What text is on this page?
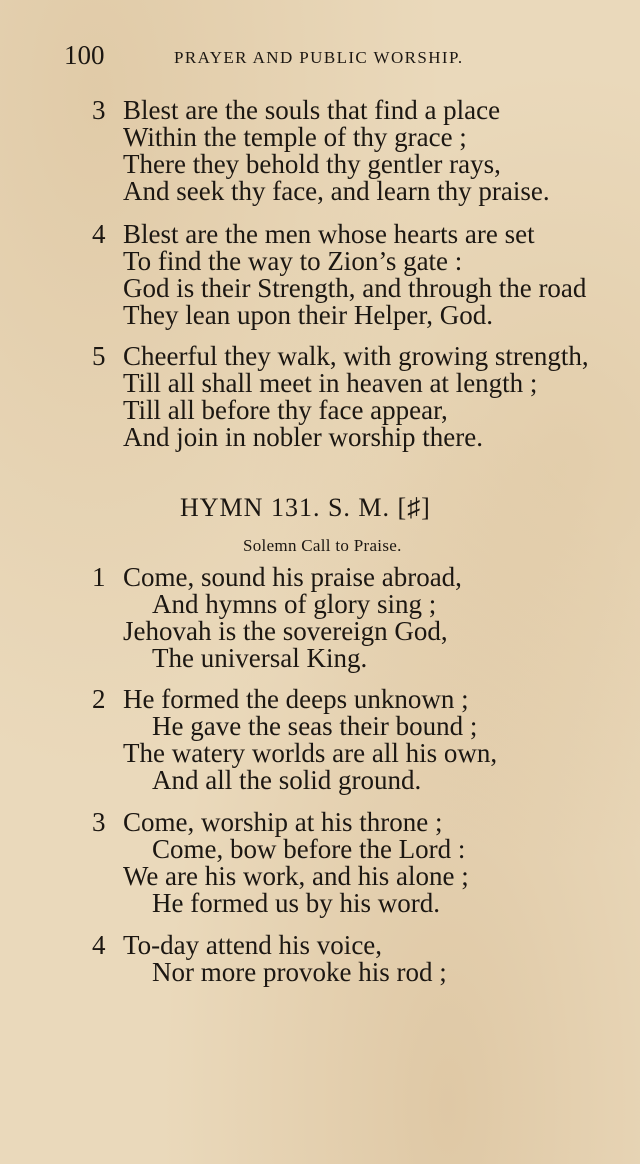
100	PRAYER AND PUBLIC WORSHIP.
3 Blest are the souls that find a place
Within the temple of thy grace ;
There they behold thy gentler rays,
And seek thy face, and learn thy praise.
4 Blest are the men whose hearts are set
To find the way to Zion’s gate :
God is their Strength, and through the road
They lean upon their Helper, God.
5 Cheerful they walk, with growing strength,
Till all shall meet in heaven at length ;
Till all before thy face appear,
And join in nobler worship there.
HYMN 131. S. M. [♯]
Solemn Call to Praise.
1 Come, sound his praise abroad,
And hymns of glory sing ;
Jehovah is the sovereign God,
The universal King.
2 He formed the deeps unknown ;
He gave the seas their bound ;
The watery worlds are all his own,
And all the solid ground.
3 Come, worship at his throne ;
Come, bow before the Lord :
We are his work, and his alone ;
He formed us by his word.
4 To-day attend his voice,
Nor more provoke his rod ;
